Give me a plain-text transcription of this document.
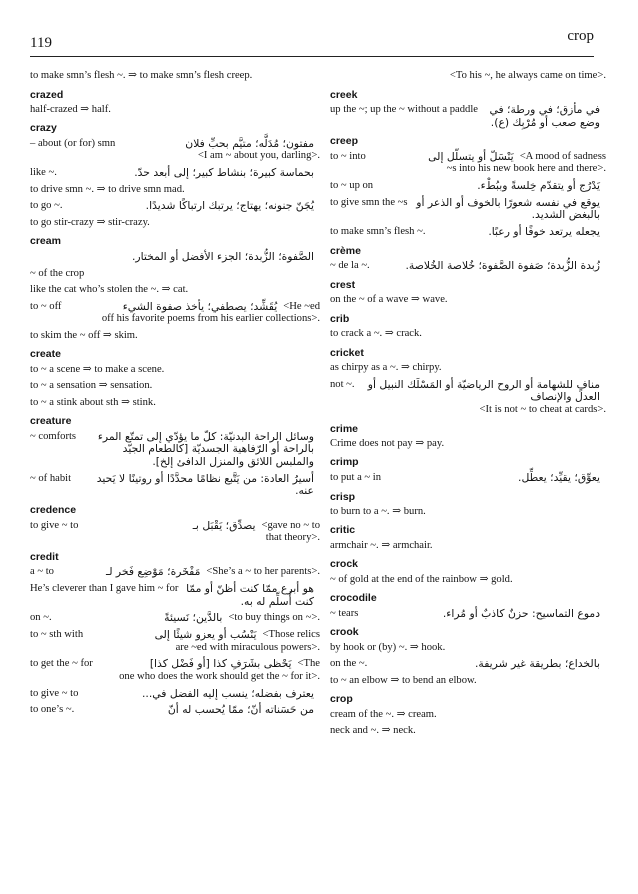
119	crop
to make smn’s flesh ~. ⇒ to make smn’s flesh creep.
crazed
half-crazed ⇒ half.
crazy
– about (or for) smn	مفتون؛ مُدَلَّه؛ متيَّم بحبِّ فلان
<I am ~ about you, darling>.
like ~.	بحماسة كبيرة؛ بنشاط كبير؛ إلى أبعد حدّ.
to drive smn ~. ⇒ to drive smn mad.
to go ~.	يُجَنّ جنونه؛ يهتاج؛ يرتبك ارتباكًا شديدًا.
to go stir-crazy ⇒ stir-crazy.
cream
الصَّفوة؛ الزُّبدة؛ الجزء الأفضل أو المختار.
~ of the crop
like the cat who’s stolen the ~. ⇒ cat.
to ~ off	يُقَشِّد؛ يصطفي؛ يأخذ صفوة الشيء <He ~ed
off his favorite poems from his earlier collections>.
to skim the ~ off ⇒ skim.
create
to ~ a scene ⇒ to make a scene.
to ~ a sensation ⇒ sensation.
to ~ a stink about sth ⇒ stink.
creature
~ comforts	وسائل الراحة البدنيّة: كلّ ما يؤدّي إلى تمتّع المرء بالراحة أو الرّفاهية الجسديّة [كالطعام الجيّد والملبس اللائق والمنزل الدافئ إلخ].
~ of habit	أسيرُ العادة: من يَتَّبع نظامًا محدَّدًا أو روتينًا لا يَحيد عنه.
credence
to give ~ to	يصدِّق؛ يَقْبَل بـ <gave no ~ to
that theory>.
credit
a ~ to	مَفْخَرة؛ مَوْضِع فَخر لـ <She’s a ~ to her parents>.
He’s cleverer than I gave him ~ for هو أبرع ممّا كنت أظنّ أو ممّا كنت أُسلِّم له به.
on ~.	بالدَّين؛ نَسيئةً <to buy things on ~>.
to ~ sth with	يَنْسُب أو يعزو شيئًا إلى <Those relics
are ~ed with miraculous powers>.
to get the ~ for	يَحْظى بشَرَفِ كذا [أو فَضْل كذا] <The
one who does the work should get the ~ for it>.
to give ~ to	يعترف بفضله؛ ينسب إليه الفضل في...
to one’s ~.	من حَسَناته أنّ؛ ممّا يُحسب له أنّ
<To his ~, he always came on time>.
creek
up the ~; up the ~ without a paddle	في مأزق؛ في ورطة؛ في وضع صعب أو مُرْبِك (ع).
creep
to ~ into	يَنْسَلّ أو يتسلّل إلى <A mood of sadness
~s into his new book here and there>.
to ~ up on	يَدْرُج أو يتقدّم خِلسةً وببُطْء.
to give smn the ~s يوقع في نفسه شعورًا بالخوف أو الذعر أو بالبغض الشديد.
to make smn’s flesh ~.	يجعله يرتعد خوفًا أو رعبًا.
crème
~ de la ~.	زُبدة الزُّبدة؛ صَفوة الصَّفوة؛ خُلاصة الخُلاصة.
crest
on the ~ of a wave ⇒ wave.
crib
to crack a ~. ⇒ crack.
cricket
as chirpy as a ~. ⇒ chirpy.
not ~.	منافٍ للشهامة أو الروح الرياضيّة أو المَسْلَك النبيل أو العدل والإنصاف
<It is not ~ to cheat at cards>.
crime
Crime does not pay ⇒ pay.
crimp
to put a ~ in	يعوِّق؛ يقيِّد؛ يعطِّل.
crisp
to burn to a ~. ⇒ burn.
critic
armchair ~. ⇒ armchair.
crock
~ of gold at the end of the rainbow ⇒ gold.
crocodile
~ tears	دموع التماسيح: حزنٌ كاذبٌ أو مُراء.
crook
by hook or (by) ~. ⇒ hook.
on the ~.	بالخداع؛ بطريقة غير شريفة.
to ~ an elbow ⇒ to bend an elbow.
crop
cream of the ~. ⇒ cream.
neck and ~. ⇒ neck.
